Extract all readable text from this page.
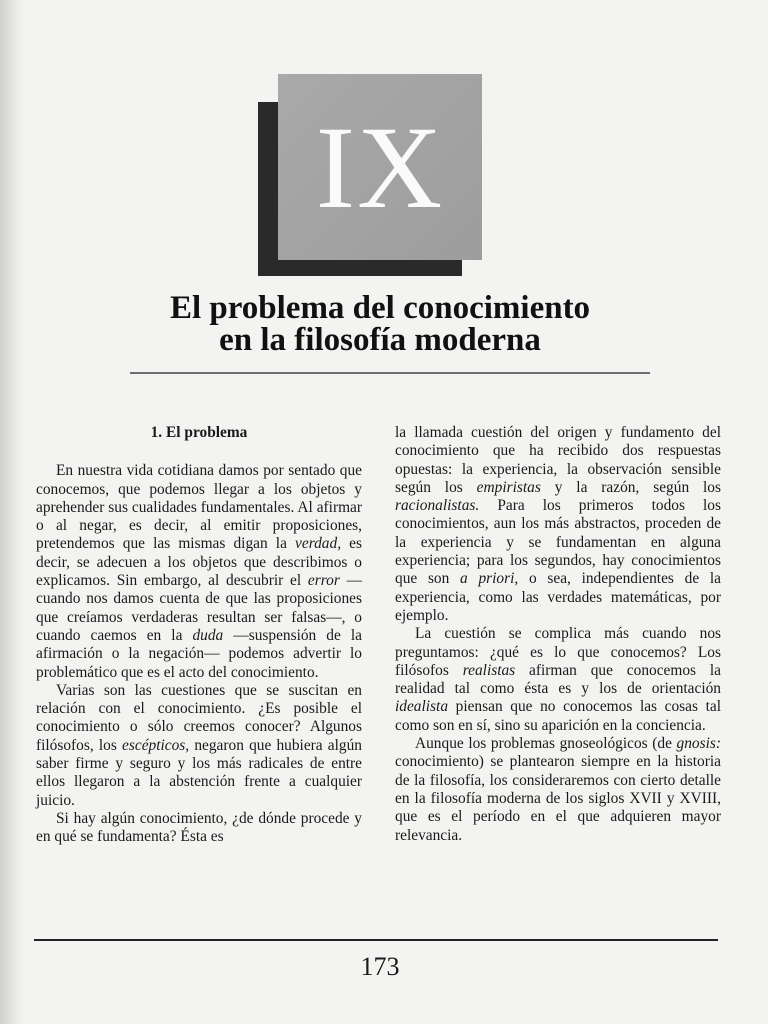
IX
El problema del conocimiento
en la filosofía moderna
1. El problema

En nuestra vida cotidiana damos por sentado que conocemos, que podemos llegar a los objetos y aprehender sus cualidades fundamentales. Al afirmar o al negar, es decir, al emitir proposiciones, pretendemos que las mismas digan la verdad, es decir, se adecuen a los objetos que describimos o explicamos. Sin embargo, al descubrir el error —cuando nos damos cuenta de que las proposiciones que creíamos verdaderas resultan ser falsas—, o cuando caemos en la duda —suspensión de la afirmación o la negación— podemos advertir lo problemático que es el acto del conocimiento.

Varias son las cuestiones que se suscitan en relación con el conocimiento. ¿Es posible el conocimiento o sólo creemos conocer? Algunos filósofos, los escépticos, negaron que hubiera algún saber firme y seguro y los más radicales de entre ellos llegaron a la abstención frente a cualquier juicio.

Si hay algún conocimiento, ¿de dónde procede y en qué se fundamenta? Ésta es

la llamada cuestión del origen y fundamento del conocimiento que ha recibido dos respuestas opuestas: la experiencia, la observación sensible según los empiristas y la razón, según los racionalistas. Para los primeros todos los conocimientos, aun los más abstractos, proceden de la experiencia y se fundamentan en alguna experiencia; para los segundos, hay conocimientos que son a priori, o sea, independientes de la experiencia, como las verdades matemáticas, por ejemplo.

La cuestión se complica más cuando nos preguntamos: ¿qué es lo que conocemos? Los filósofos realistas afirman que conocemos la realidad tal como ésta es y los de orientación idealista piensan que no conocemos las cosas tal como son en sí, sino su aparición en la conciencia.

Aunque los problemas gnoseológicos (de gnosis: conocimiento) se plantearon siempre en la historia de la filosofía, los consideraremos con cierto detalle en la filosofía moderna de los siglos XVII y XVIII, que es el período en el que adquieren mayor relevancia.

173
